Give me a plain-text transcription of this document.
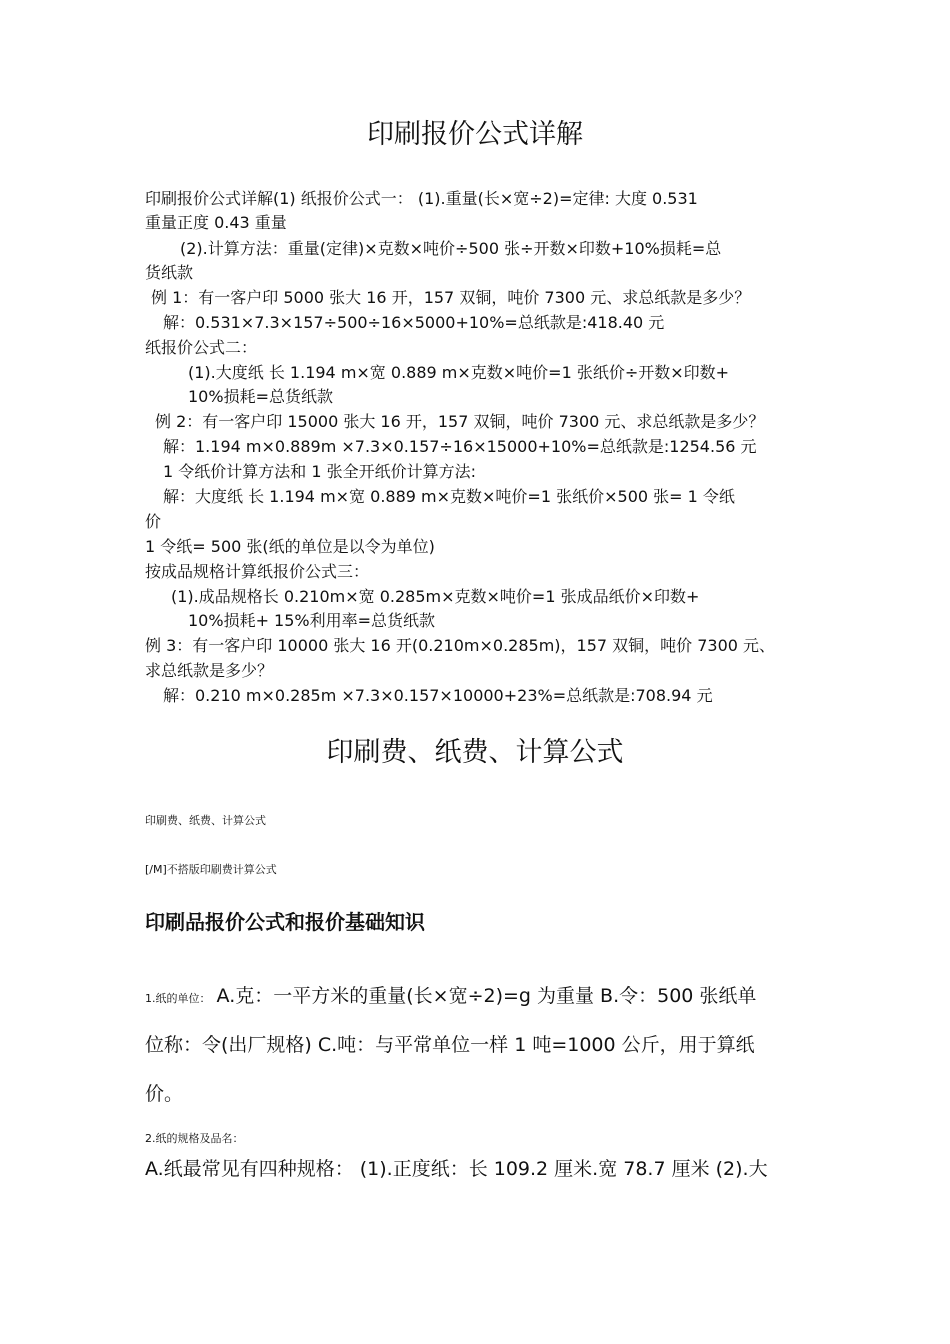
印刷报价公式详解

印刷报价公式详解(1) 纸报价公式一： (1).重量(长×宽÷2)=定律: 大度 0.531

重量正度 0.43 重量

(2).计算方法：重量(定律)×克数×吨价÷500 张÷开数×印数+10%损耗=总

货纸款

例 1：有一客户印 5000 张大 16 开，157 双铜，吨价 7300 元、求总纸款是多少？

解：0.531×7.3×157÷500÷16×5000+10%=总纸款是:418.40 元

纸报价公式二：

(1).大度纸 长 1.194 m×宽 0.889 m×克数×吨价=1 张纸价÷开数×印数+

10%损耗=总货纸款

例 2：有一客户印 15000 张大 16 开，157 双铜，吨价 7300 元、求总纸款是多少？

解：1.194 m×0.889m ×7.3×0.157÷16×15000+10%=总纸款是:1254.56 元

1 令纸价计算方法和 1 张全开纸价计算方法:

解：大度纸 长 1.194 m×宽 0.889 m×克数×吨价=1 张纸价×500 张= 1 令纸

价

1 令纸= 500 张(纸的单位是以令为单位)

按成品规格计算纸报价公式三：

(1).成品规格长 0.210m×宽 0.285m×克数×吨价=1 张成品纸价×印数+

10%损耗+ 15%利用率=总货纸款

例 3：有一客户印 10000 张大 16 开(0.210m×0.285m)，157 双铜，吨价 7300 元、

求总纸款是多少？

解：0.210 m×0.285m ×7.3×0.157×10000+23%=总纸款是:708.94 元

印刷费、纸费、计算公式

印刷费、纸费、计算公式

[/M]不搭版印刷费计算公式

印刷品报价公式和报价基础知识

1.纸的单位： A.克：一平方米的重量(长×宽÷2)=g 为重量 B.令：500 张纸单

位称：令(出厂规格) C.吨：与平常单位一样 1 吨=1000 公斤，用于算纸

价。

2.纸的规格及品名：

A.纸最常见有四种规格： (1).正度纸：长 109.2 厘米.宽 78.7 厘米 (2).大
